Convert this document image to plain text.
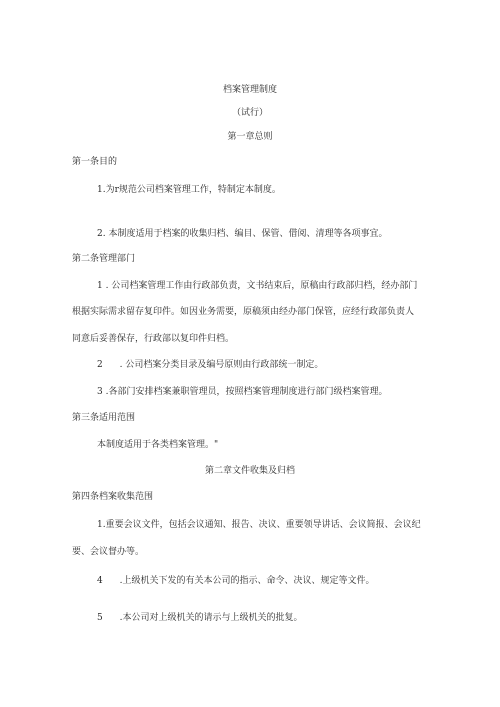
档案管理制度
（试行）
第一章总则
第一条目的
1.为r规范公司档案管理工作，特制定本制度。
2. 本制度适用于档案的收集归档、编目、保管、借阅、清理等各项事宜。
第二条管理部门
1 . 公司档案管理工作由行政部负责，文书结束后，原稿由行政部归档，经办部门
根据实际需求留存复印件。如因业务需要，原稿须由经办部门保管，应经行政部负责人
同意后妥善保存，行政部以复印件归档。
2 . 公司档案分类目录及编号原则由行政部统一制定。
3 .各部门安排档案兼职管理员，按照档案管理制度进行部门级档案管理。
第三条适用范围
本制度适用于各类档案管理。"
第二章文件收集及归档
第四条档案收集范围
1.重要会议文件，包括会议通知、报告、决议、重要领导讲话、会议简报、会议纪
要、会议督办等。
4 .上级机关下发的有关本公司的指示、命令、决议、规定等文件。
5 .本公司对上级机关的请示与上级机关的批复。
